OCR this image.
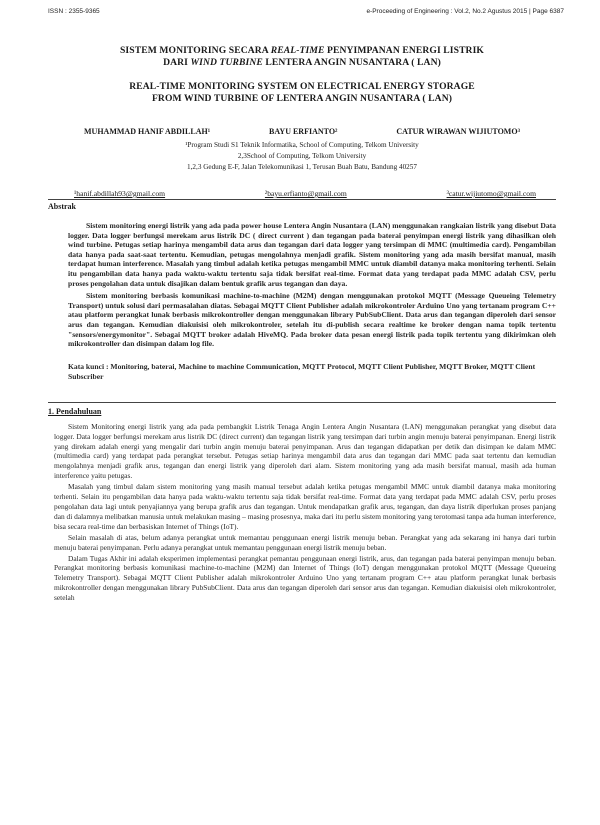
ISSN : 2355-9365	e-Proceeding of Engineering : Vol.2, No.2 Agustus 2015 | Page 6387
SISTEM MONITORING SECARA REAL-TIME PENYIMPANAN ENERGI LISTRIK
DARI WIND TURBINE LENTERA ANGIN NUSANTARA ( LAN)
REAL-TIME MONITORING SYSTEM ON ELECTRICAL ENERGY STORAGE
FROM WIND TURBINE OF LENTERA ANGIN NUSANTARA ( LAN)
MUHAMMAD HANIF ABDILLAH¹	BAYU ERFIANTO²	CATUR WIRAWAN WIJIUTOMO³
¹Program Studi S1 Teknik Informatika, School of Computing, Telkom University
2,3School of Computing, Telkom University
1,2,3 Gedung E-F, Jalan Telekomunikasi 1, Terusan Buah Batu, Bandung 40257
¹hanif.abdillah93@gmail.com	²bayu.erfianto@gmail.com	³catur.wijiutomo@gmail.com
Abstrak

Sistem monitoring energi listrik yang ada pada power house Lentera Angin Nusantara (LAN) menggunakan rangkaian listrik yang disebut Data logger. Data logger berfungsi merekam arus listrik DC ( direct current ) dan tegangan pada baterai penyimpan energi listrik yang dihasilkan oleh wind turbine. Petugas setiap harinya mengambil data arus dan tegangan dari data logger yang tersimpan di MMC (multimedia card). Pengambilan data hanya pada saat-saat tertentu. Kemudian, petugas mengolahnya menjadi grafik. Sistem monitoring yang ada masih bersifat manual, masih terdapat human interference. Masalah yang timbul adalah ketika petugas mengambil MMC untuk diambil datanya maka monitoring terhenti. Selain itu pengambilan data hanya pada waktu-waktu tertentu saja tidak bersifat real-time. Format data yang terdapat pada MMC adalah CSV, perlu proses pengolahan data untuk disajikan dalam bentuk grafik arus tegangan dan daya.

Sistem monitoring berbasis komunikasi machine-to-machine (M2M) dengan menggunakan protokol MQTT (Message Queueing Telemetry Transport) untuk solusi dari permasalahan diatas. Sebagai MQTT Client Publisher adalah mikrokontroler Arduino Uno yang tertanam program C++ atau platform perangkat lunak berbasis mikrokontroller dengan menggunakan library PubSubClient. Data arus dan tegangan diperoleh dari sensor arus dan tegangan. Kemudian diakuisisi oleh mikrokontroler, setelah itu di-publish secara realtime ke broker dengan nama topik tertentu "sensors/energymonitor". Sebagai MQTT broker adalah HiveMQ. Pada broker data pesan energi listrik pada topik tertentu yang dikirimkan oleh mikrokontroller dan disimpan dalam log file.

Kata kunci : Monitoring, baterai, Machine to machine Communication, MQTT Protocol, MQTT Client Publisher, MQTT Broker, MQTT Client Subscriber
1. Pendahuluan

Sistem Monitoring energi listrik yang ada pada pembangkit Listrik Tenaga Angin Lentera Angin Nusantara (LAN) menggunakan perangkat yang disebut data logger. Data logger berfungsi merekam arus listrik DC (direct current) dan tegangan listrik yang tersimpan dari turbin angin menuju baterai penyimpanan. Energi listrik yang direkam adalah energi yang mengalir dari turbin angin menuju baterai penyimpanan. Arus dan tegangan didapatkan per detik dan disimpan ke dalam MMC (multimedia card) yang terdapat pada perangkat tersebut. Petugas setiap harinya mengambil data arus dan tegangan dari MMC pada saat tertentu dan kemudian mengolahnya menjadi grafik arus, tegangan dan energi listrik yang diperoleh dari alam. Sistem monitoring yang ada masih bersifat manual, masih ada human interference yaitu petugas.

Masalah yang timbul dalam sistem monitoring yang masih manual tersebut adalah ketika petugas mengambil MMC untuk diambil datanya maka monitoring terhenti. Selain itu pengambilan data hanya pada waktu-waktu tertentu saja tidak bersifat real-time. Format data yang terdapat pada MMC adalah CSV, perlu proses pengolahan data lagi untuk penyajiannya yang berupa grafik arus dan tegangan. Untuk mendapatkan grafik arus, tegangan, dan daya listrik diperlukan proses panjang dan di dalamnya melibatkan manusia untuk melakukan masing – masing prosesnya, maka dari itu perlu sistem monitoring yang terotomasi tanpa ada human interference, bisa secara real-time dan berbasiskan Internet of Things (IoT).

Selain masalah di atas, belum adanya perangkat untuk memantau penggunaan energi listrik menuju beban. Perangkat yang ada sekarang ini hanya dari turbin menuju baterai penyimpanan. Perlu adanya perangkat untuk memantau penggunaan energi listrik menuju beban.

Dalam Tugas Akhir ini adalah eksperimen implementasi perangkat pemantau penggunaan energi listrik, arus, dan tegangan pada baterai penyimpan menuju beban. Perangkat monitoring berbasis komunikasi machine-to-machine (M2M) dan Internet of Things (IoT) dengan menggunakan protokol MQTT (Message Queueing Telemetry Transport). Sebagai MQTT Client Publisher adalah mikrokontroler Arduino Uno yang tertanam program C++ atau platform perangkat lunak berbasis mikrokontroller dengan menggunakan library PubSubClient. Data arus dan tegangan diperoleh dari sensor arus dan tegangan. Kemudian diakuisisi oleh mikrokontroler, setelah
